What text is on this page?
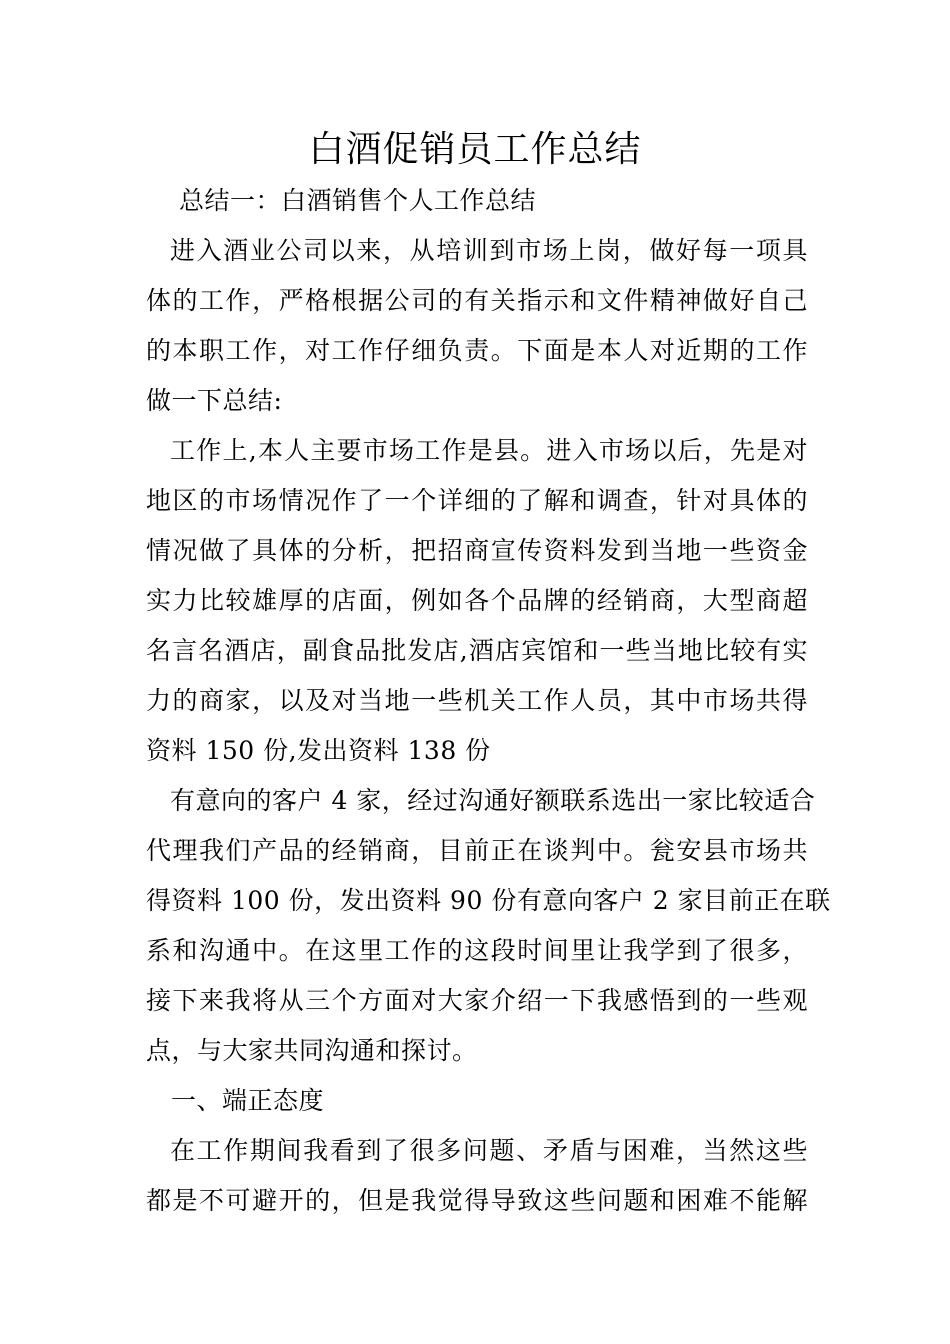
白酒促销员工作总结

总结一：白酒销售个人工作总结

进入酒业公司以来，从培训到市场上岗，做好每一项具

体的工作，严格根据公司的有关指示和文件精神做好自己

的本职工作，对工作仔细负责。下面是本人对近期的工作

做一下总结:

工作上,本人主要市场工作是县。进入市场以后，先是对

地区的市场情况作了一个详细的了解和调查，针对具体的

情况做了具体的分析，把招商宣传资料发到当地一些资金

实力比较雄厚的店面，例如各个品牌的经销商，大型商超

名言名酒店，副食品批发店,酒店宾馆和一些当地比较有实

力的商家，以及对当地一些机关工作人员，其中市场共得

资料 150 份,发出资料 138 份

有意向的客户 4 家，经过沟通好额联系选出一家比较适合

代理我们产品的经销商，目前正在谈判中。瓮安县市场共

得资料 100 份，发出资料 90 份有意向客户 2 家目前正在联

系和沟通中。在这里工作的这段时间里让我学到了很多，

接下来我将从三个方面对大家介绍一下我感悟到的一些观

点，与大家共同沟通和探讨。

一、端正态度

在工作期间我看到了很多问题、矛盾与困难，当然这些

都是不可避开的，但是我觉得导致这些问题和困难不能解
